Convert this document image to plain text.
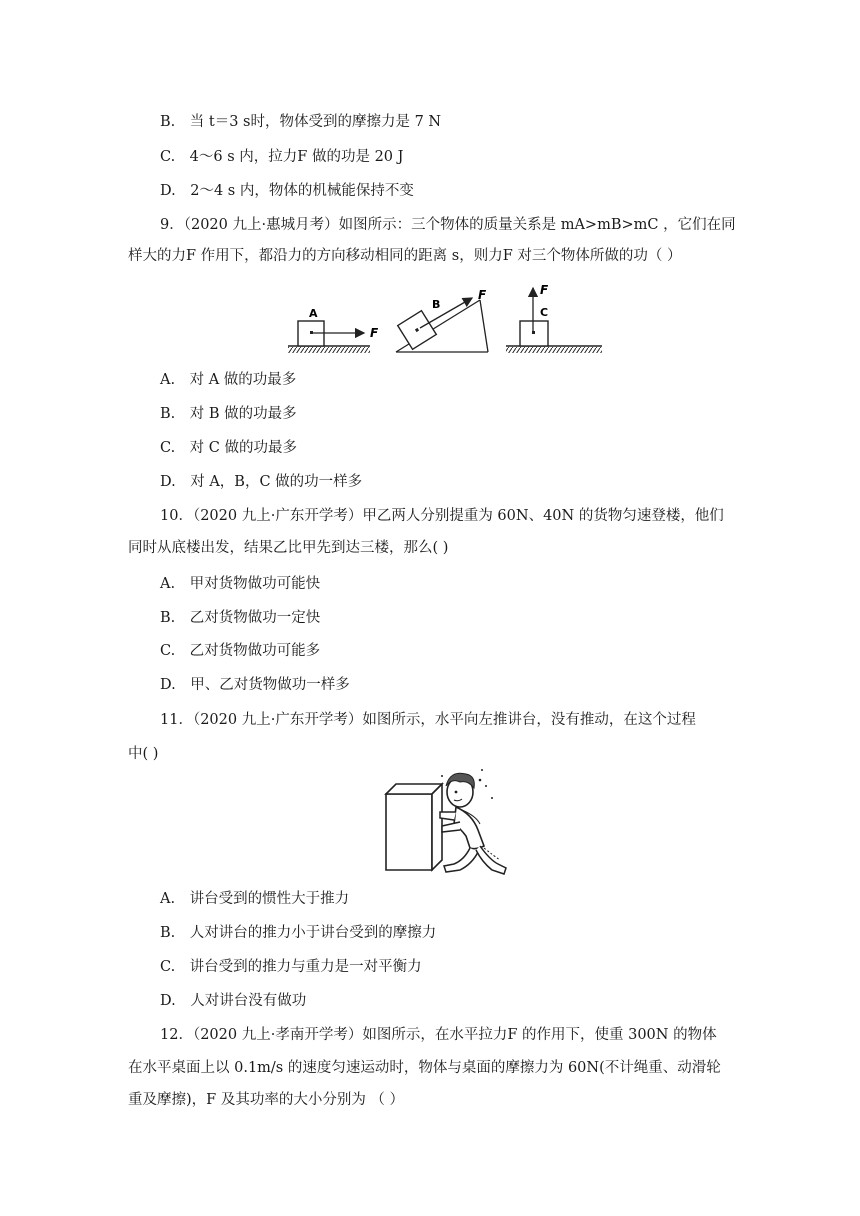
B.　当 t＝3 s时，物体受到的摩擦力是 7 N
C.　4～6 s 内，拉力F 做的功是 20 J
D.　2～4 s 内，物体的机械能保持不变
9．（2020 九上·惠城月考）如图所示：三个物体的质量关系是 mA>mB>mC ，它们在同
样大的力F 作用下，都沿力的方向移动相同的距离 s，则力F 对三个物体所做的功（ ）
A
F
B
F
C
F
A.　对 A 做的功最多
B.　对 B 做的功最多
C.　对 C 做的功最多
D.　对 A，B，C 做的功一样多
10．（2020 九上·广东开学考）甲乙两人分别提重为 60N、40N 的货物匀速登楼，他们
同时从底楼出发，结果乙比甲先到达三楼，那么( )
A.　甲对货物做功可能快
B.　乙对货物做功一定快
C.　乙对货物做功可能多
D.　甲、乙对货物做功一样多
11．（2020 九上·广东开学考）如图所示，水平向左推讲台，没有推动，在这个过程
中( )
A.　讲台受到的惯性大于推力
B.　人对讲台的推力小于讲台受到的摩擦力
C.　讲台受到的推力与重力是一对平衡力
D.　人对讲台没有做功
12．（2020 九上·孝南开学考）如图所示，在水平拉力F 的作用下，使重 300N 的物体
在水平桌面上以 0.1m/s 的速度匀速运动时，物体与桌面的摩擦力为 60N(不计绳重、动滑轮
重及摩擦)，F 及其功率的大小分别为 （ ）
